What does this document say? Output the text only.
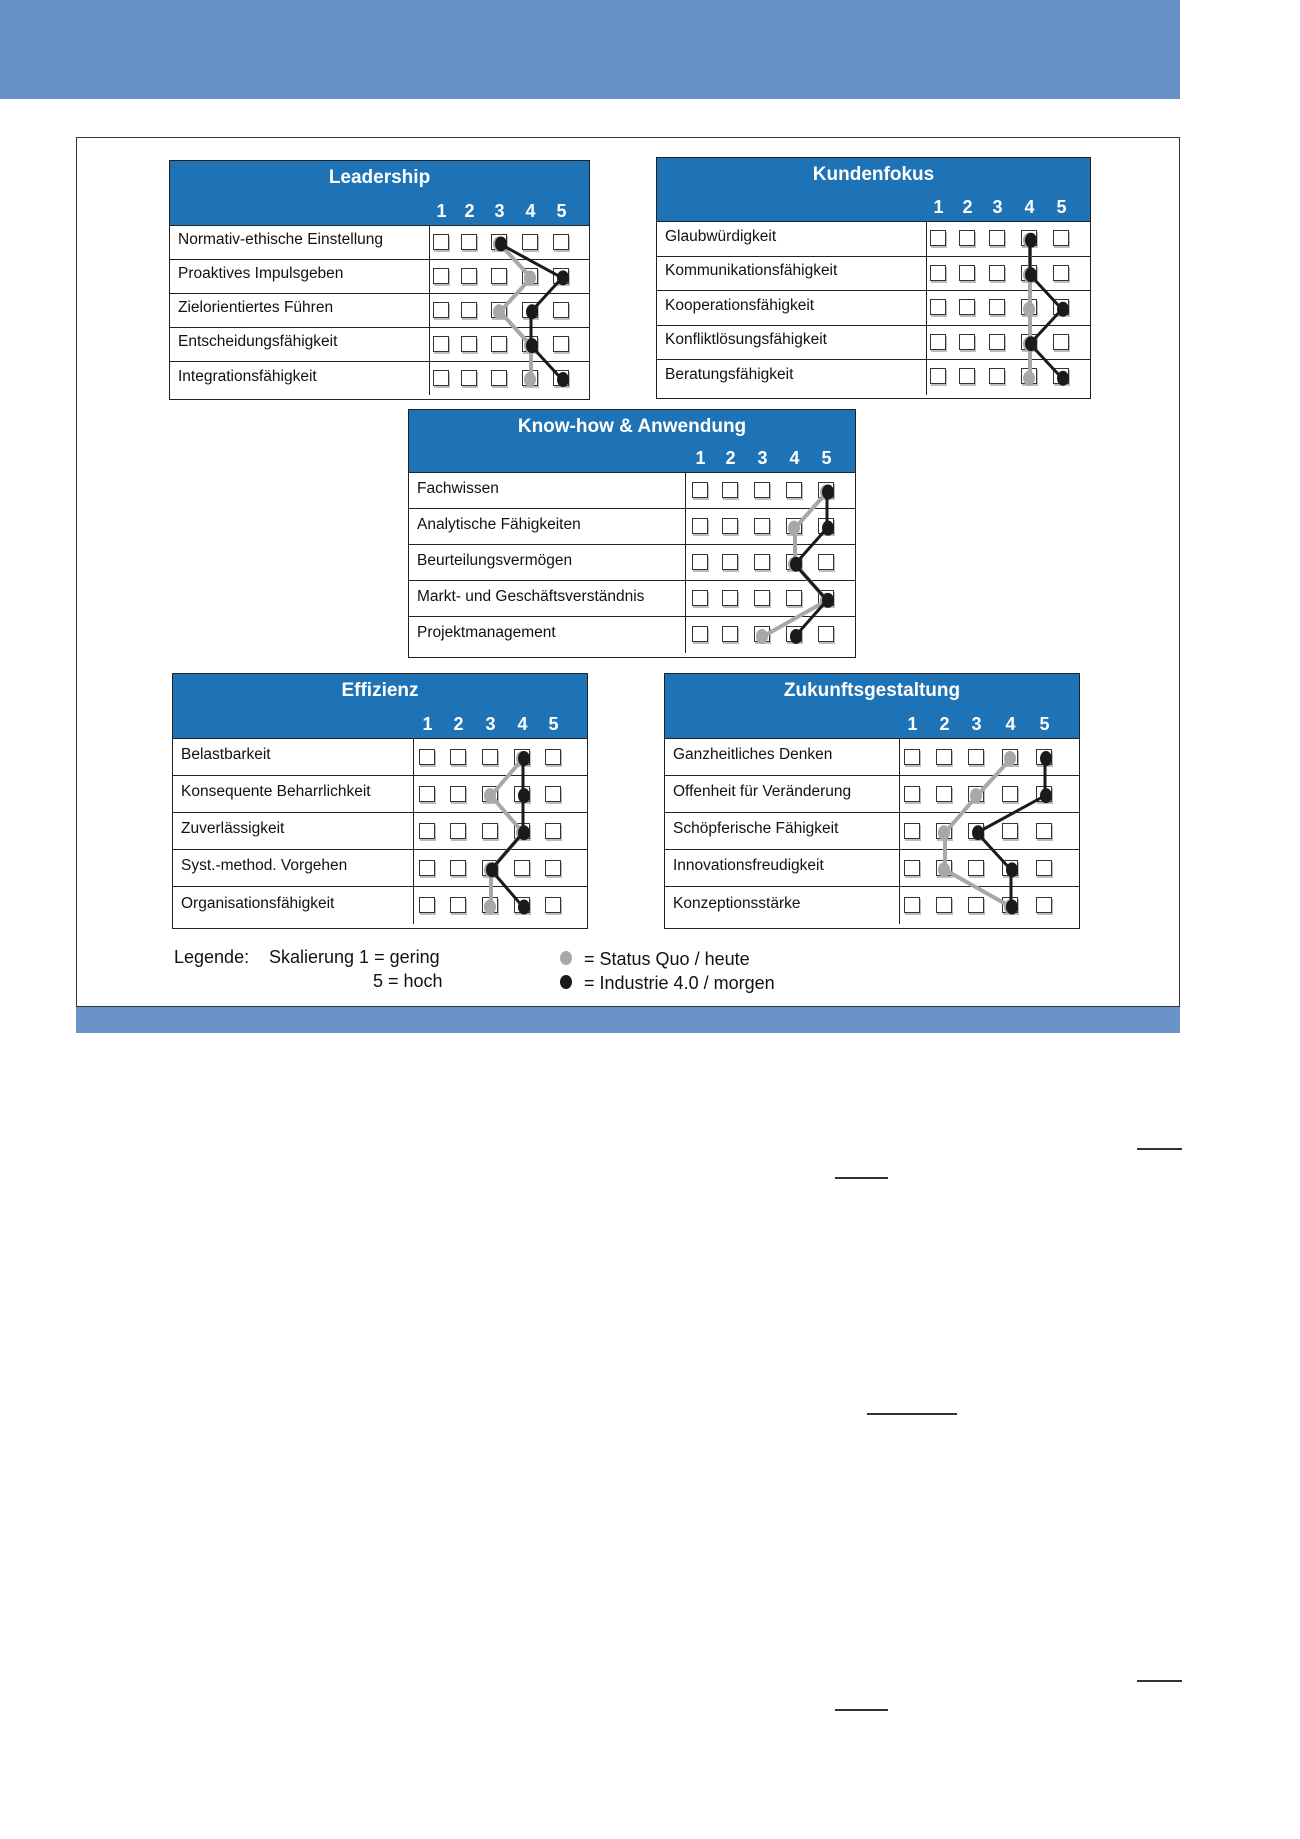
Leadership
1 2 3 4 5
Normativ-ethische Einstellung
Proaktives Impulsgeben
Zielorientiertes Führen
Entscheidungsfähigkeit
Integrationsfähigkeit
Kundenfokus
1 2 3 4 5
Glaubwürdigkeit
Kommunikationsfähigkeit
Kooperationsfähigkeit
Konfliktlösungsfähigkeit
Beratungsfähigkeit
Know-how & Anwendung
1 2 3 4 5
Fachwissen
Analytische Fähigkeiten
Beurteilungsvermögen
Markt- und Geschäftsverständnis
Projektmanagement
Effizienz
1 2 3 4 5
Belastbarkeit
Konsequente Beharrlichkeit
Zuverlässigkeit
Syst.-method. Vorgehen
Organisationsfähigkeit
Zukunftsgestaltung
1 2 3 4 5
Ganzheitliches Denken
Offenheit für Veränderung
Schöpferische Fähigkeit
Innovationsfreudigkeit
Konzeptionsstärke
Legende: Skalierung 1 = gering
5 = hoch
= Status Quo / heute
= Industrie 4.0 / morgen
